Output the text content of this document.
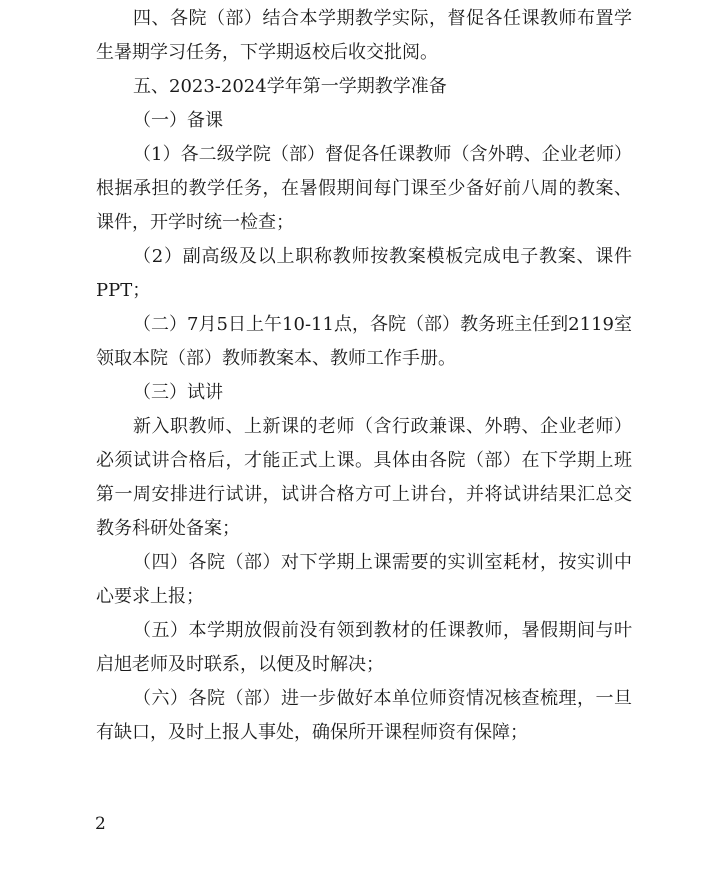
四、各院（部）结合本学期教学实际，督促各任课教师布置学生暑期学习任务，下学期返校后收交批阅。

五、2023-2024学年第一学期教学准备

（一）备课

（1）各二级学院（部）督促各任课教师（含外聘、企业老师）根据承担的教学任务，在暑假期间每门课至少备好前八周的教案、课件，开学时统一检查；

（2）副高级及以上职称教师按教案模板完成电子教案、课件PPT；

（二）7月5日上午10-11点，各院（部）教务班主任到2119室领取本院（部）教师教案本、教师工作手册。

（三）试讲

新入职教师、上新课的老师（含行政兼课、外聘、企业老师）必须试讲合格后，才能正式上课。具体由各院（部）在下学期上班第一周安排进行试讲，试讲合格方可上讲台，并将试讲结果汇总交教务科研处备案；

（四）各院（部）对下学期上课需要的实训室耗材，按实训中心要求上报；

（五）本学期放假前没有领到教材的任课教师，暑假期间与叶启旭老师及时联系，以便及时解决；

（六）各院（部）进一步做好本单位师资情况核查梳理，一旦有缺口，及时上报人事处，确保所开课程师资有保障；

2
